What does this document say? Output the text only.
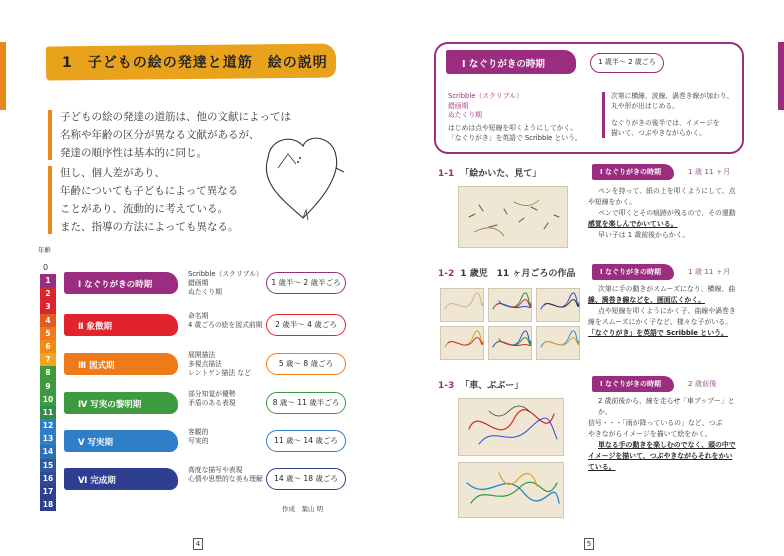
1　子どもの絵の発達と道筋　絵の説明
子どもの絵の発達の道筋は、他の文献によっては
名称や年齢の区分が異なる文献があるが、
発達の順序性は基本的に同じ。
但し、個人差があり、
年齢についても子どもによって異なる
ことがあり、流動的に考えている。
また、指導の方法によっても異なる。
年齢
0
1
2
3
4
5
6
7
8
9
10
11
12
13
14
15
16
17
18
Ⅰ なぐりがきの時期
Scribble（スクリブル）
錯画期
ぬたくり期
1 歳半～ 2 歳半ごろ
Ⅱ 象徴期
命名期
4 歳ごろの絵を図式前期	2 歳半～ 4 歳ごろ
Ⅲ 図式期
展開描法
多視点描法
レントゲン描法 など
5 歳～ 8 歳ごろ
Ⅳ 写実の黎明期
部分知覚が優勢
矛盾のある表現	8 歳～ 11 歳半ごろ
Ⅴ 写実期
客観的
写実的	11 歳～ 14 歳ごろ
Ⅵ 完成期
高度な描写や表現
心情や思想的な美も理解	14 歳～ 18 歳ごろ
作成　葉山 明
4
Ⅰ なぐりがきの時期	1 歳半～ 2 歳ごろ
Scribble（スクリブル）
錯画期
ぬたくり期
はじめは点や短線を叩くようにしてかく。
「なぐりがき」を英語で Scribble という。
次第に横線、波線、渦巻き線が加わり、
丸や形が出はじめる。
なぐりがきの後半では、イメージを
描いて、つぶやきながらかく。
1-1 「絵かいた、見て」	Ⅰ なぐりがきの時期	1 歳 11 ヶ月
ペンを持って、紙の上を叩くようにして、点
や短線をかく。
ペンで叩くとその痕跡が残るので、その運動
感覚を楽しんでかいている。
早い子は 1 歳前後からかく。
1-2 1 歳児　11 ヶ月ごろの作品	Ⅰ なぐりがきの時期	1 歳 11 ヶ月
次第に手の動きがスムーズになり、横線、曲
線、渦巻き線などを、画面広くかく。
点や短線を叩くようにかく子、曲線や渦巻き
線をスムーズにかく子など、様々な子がいる。
「なぐりがき」を英語で Scribble という。
1-3 「車、ぶぶー」	Ⅰ なぐりがきの時期	2 歳前後
2 歳前後から、線を走らせ「車ブッブー」とか、
信号・・・「雨が降っているの」など、つぶ
やきながらイメージを描いて絵をかく。
単なる手の動きを楽しむのでなく、頭の中で
イメージを描いて、つぶやきながらそれをかい
ている。
5
